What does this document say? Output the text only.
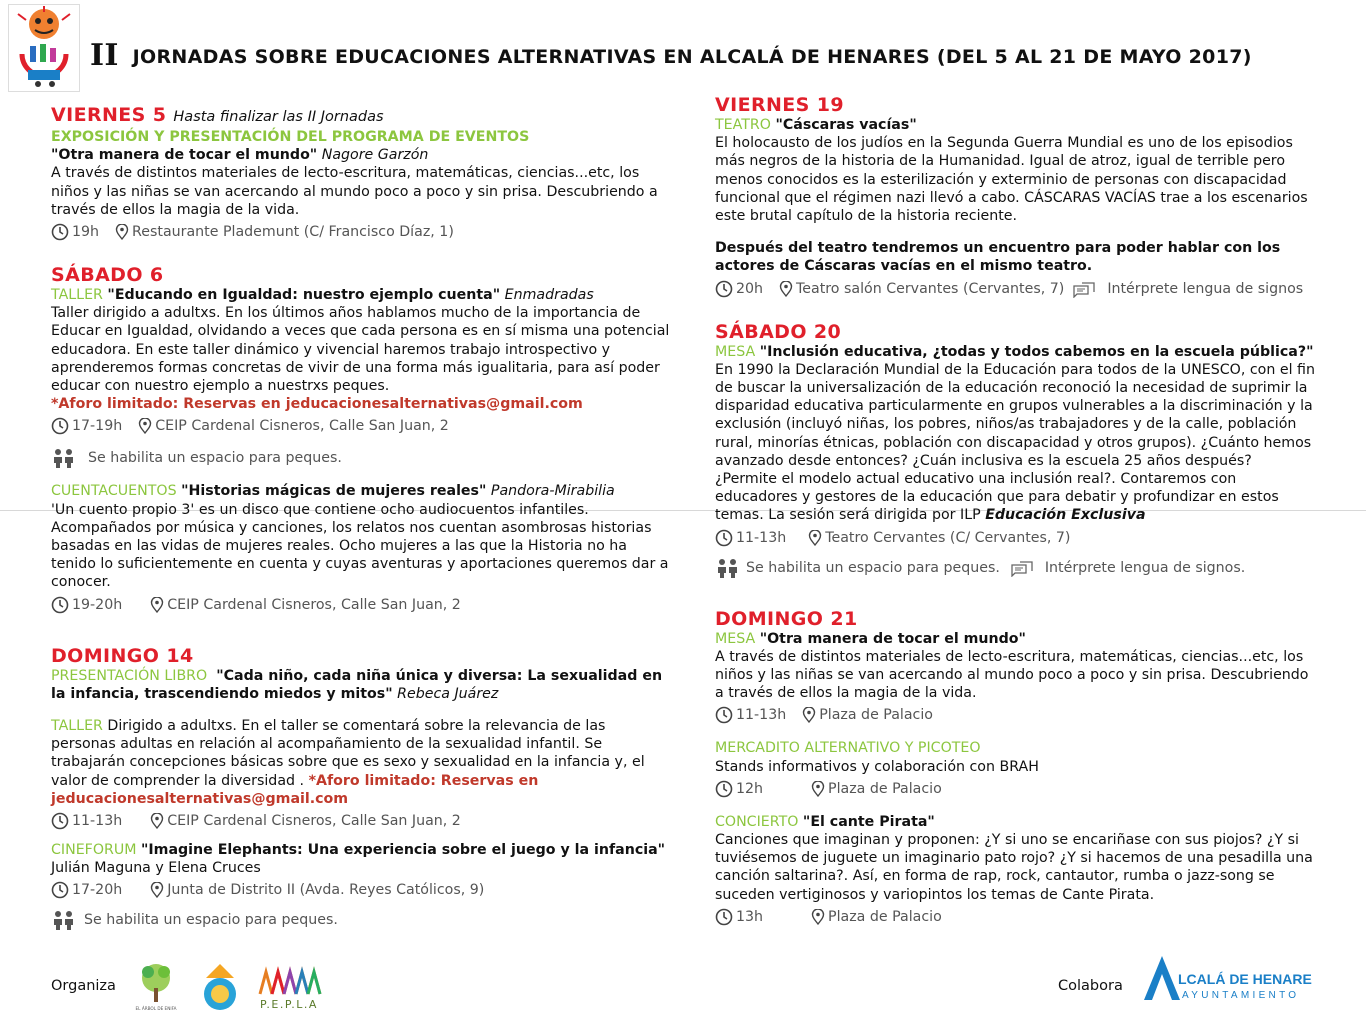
II JORNADAS SOBRE EDUCACIONES ALTERNATIVAS EN ALCALÁ DE HENARES (DEL 5 AL 21 DE MAYO 2017)
VIERNES 5 Hasta finalizar las II Jornadas

EXPOSICIÓN Y PRESENTACIÓN DEL PROGRAMA DE EVENTOS

"Otra manera de tocar el mundo" Nagore Garzón

A través de distintos materiales de lecto-escritura, matemáticas, ciencias...etc, los niños y las niñas se van acercando al mundo poco a poco y sin prisa. Descubriendo a través de ellos la magia de la vida.

19h Restaurante Plademunt (C/ Francisco Díaz, 1)
SÁBADO 6

TALLER "Educando en Igualdad: nuestro ejemplo cuenta" Enmadradas

Taller dirigido a adultxs. En los últimos años hablamos mucho de la importancia de Educar en Igualdad, olvidando a veces que cada persona es en sí misma una potencial educadora. En este taller dinámico y vivencial haremos trabajo introspectivo y aprenderemos formas concretas de vivir de una forma más igualitaria, para así poder educar con nuestro ejemplo a nuestrxs peques.

*Aforo limitado: Reservas en jeducacionesalternativas@gmail.com

17-19h CEIP Cardenal Cisneros, Calle San Juan, 2
Se habilita un espacio para peques.

CUENTACUENTOS "Historias mágicas de mujeres reales" Pandora-Mirabilia

'Un cuento propio 3' es un disco que contiene ocho audiocuentos infantiles. Acompañados por música y canciones, los relatos nos cuentan asombrosas historias basadas en las vidas de mujeres reales. Ocho mujeres a las que la Historia no ha tenido lo suficientemente en cuenta y cuyas aventuras y aportaciones queremos dar a conocer.

19-20h	CEIP Cardenal Cisneros, Calle San Juan, 2
DOMINGO 14

PRESENTACIÓN LIBRO "Cada niño, cada niña única y diversa: La sexualidad en la infancia, trascendiendo miedos y mitos" Rebeca Juárez

TALLER Dirigido a adultxs. En el taller se comentará sobre la relevancia de las personas adultas en relación al acompañamiento de la sexualidad infantil. Se trabajarán concepciones básicas sobre que es sexo y sexualidad en la infancia y, el valor de comprender la diversidad . *Aforo limitado: Reservas en jeducacionesalternativas@gmail.com

11-13h	CEIP Cardenal Cisneros, Calle San Juan, 2

CINEFORUM "Imagine Elephants: Una experiencia sobre el juego y la infancia"

Julián Maguna y Elena Cruces

17-20h	Junta de Distrito II (Avda. Reyes Católicos, 9)
Se habilita un espacio para peques.
VIERNES 19

TEATRO "Cáscaras vacías"

El holocausto de los judíos en la Segunda Guerra Mundial es uno de los episodios más negros de la historia de la Humanidad. Igual de atroz, igual de terrible pero menos conocidos es la esterilización y exterminio de personas con discapacidad funcional que el régimen nazi llevó a cabo. CÁSCARAS VACÍAS trae a los escenarios este brutal capítulo de la historia reciente.

Después del teatro tendremos un encuentro para poder hablar con los actores de Cáscaras vacías en el mismo teatro.

20h Teatro salón Cervantes (Cervantes, 7)	Intérprete lengua de signos
SÁBADO 20

MESA "Inclusión educativa, ¿todas y todos cabemos en la escuela pública?"

En 1990 la Declaración Mundial de la Educación para todos de la UNESCO, con el fin de buscar la universalización de la educación reconoció la necesidad de suprimir la disparidad educativa particularmente en grupos vulnerables a la discriminación y la exclusión (incluyó niñas, los pobres, niños/as trabajadores y de la calle, población rural, minorías étnicas, población con discapacidad y otros grupos). ¿Cuánto hemos avanzado desde entonces? ¿Cuán inclusiva es la escuela 25 años después? ¿Permite el modelo actual educativo una inclusión real?. Contaremos con educadores y gestores de la educación que para debatir y profundizar en estos temas. La sesión será dirigida por ILP Educación Exclusiva

11-13h	Teatro Cervantes (C/ Cervantes, 7)
Se habilita un espacio para peques.	Intérprete lengua de signos.
DOMINGO 21

MESA "Otra manera de tocar el mundo"

A través de distintos materiales de lecto-escritura, matemáticas, ciencias...etc, los niños y las niñas se van acercando al mundo poco a poco y sin prisa. Descubriendo a través de ellos la magia de la vida.

11-13h Plaza de Palacio

MERCADITO ALTERNATIVO Y PICOTEO

Stands informativos y colaboración con BRAH

12h	Plaza de Palacio

CONCIERTO "El cante Pirata"

Canciones que imaginan y proponen: ¿Y si uno se encariñase con sus piojos? ¿Y si tuviésemos de juguete un imaginario pato rojo? ¿Y si hacemos de una pesadilla una canción saltarina?. Así, en forma de rap, rock, cantautor, rumba o jazz-song se suceden vertiginosos y variopintos los temas de Cante Pirata.

13h	Plaza de Palacio
Organiza
EL ÁRBOL DE ENIFA	P.E.P.L.A
Colabora	LCALÁ DE HENARES
AYUNTAMIENTO
